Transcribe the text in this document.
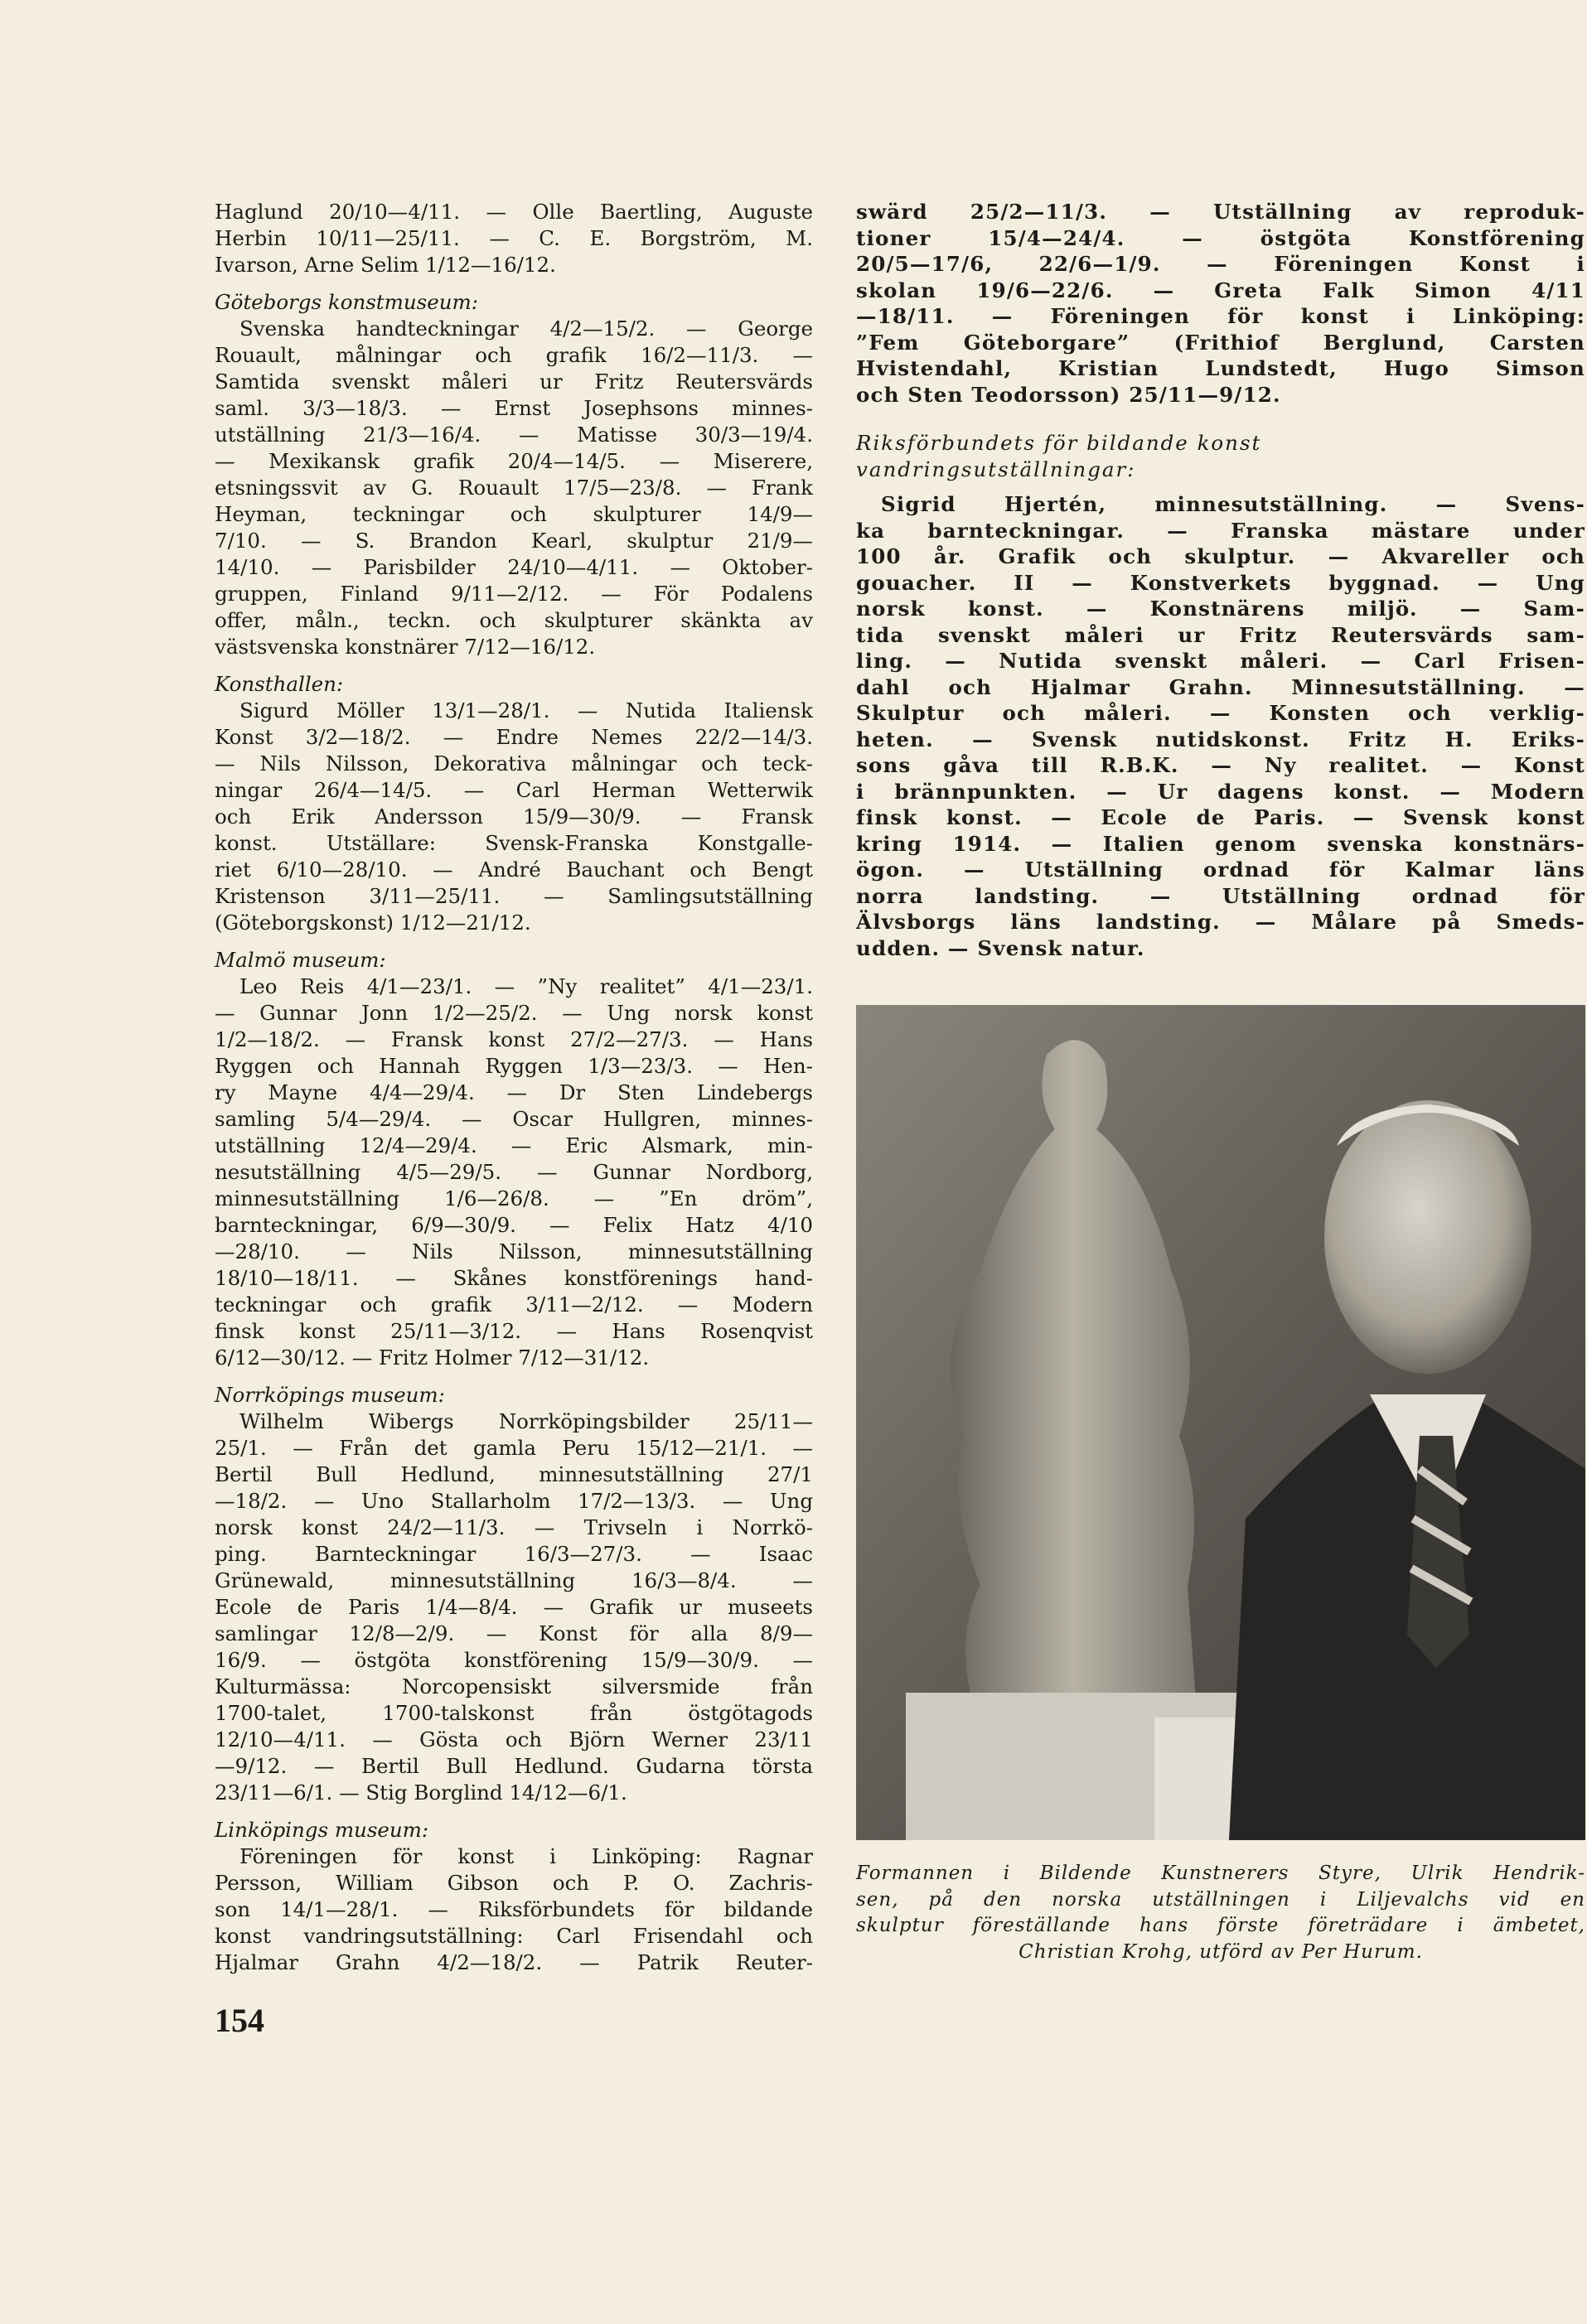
Haglund 20/10—4/11. — Olle Baertling, Auguste
Herbin 10/11—25/11. — C. E. Borgström, M.
Ivarson, Arne Selim 1/12—16/12.
Göteborgs konstmuseum:
Svenska handteckningar 4/2—15/2. — George
Rouault, målningar och grafik 16/2—11/3. —
Samtida svenskt måleri ur Fritz Reutersvärds
saml. 3/3—18/3. — Ernst Josephsons minnes-
utställning 21/3—16/4. — Matisse 30/3—19/4.
— Mexikansk grafik 20/4—14/5. — Miserere,
etsningssvit av G. Rouault 17/5—23/8. — Frank
Heyman, teckningar och skulpturer 14/9—
7/10. — S. Brandon Kearl, skulptur 21/9—
14/10. — Parisbilder 24/10—4/11. — Oktober-
gruppen, Finland 9/11—2/12. — För Podalens
offer, måln., teckn. och skulpturer skänkta av
västsvenska konstnärer 7/12—16/12.
Konsthallen:
Sigurd Möller 13/1—28/1. — Nutida Italiensk
Konst 3/2—18/2. — Endre Nemes 22/2—14/3.
— Nils Nilsson, Dekorativa målningar och teck-
ningar 26/4—14/5. — Carl Herman Wetterwik
och Erik Andersson 15/9—30/9. — Fransk
konst. Utställare: Svensk-Franska Konstgalle-
riet 6/10—28/10. — André Bauchant och Bengt
Kristenson 3/11—25/11. — Samlingsutställning
(Göteborgskonst) 1/12—21/12.
Malmö museum:
Leo Reis 4/1—23/1. — ”Ny realitet” 4/1—23/1.
— Gunnar Jonn 1/2—25/2. — Ung norsk konst
1/2—18/2. — Fransk konst 27/2—27/3. — Hans
Ryggen och Hannah Ryggen 1/3—23/3. — Hen-
ry Mayne 4/4—29/4. — Dr Sten Lindebergs
samling 5/4—29/4. — Oscar Hullgren, minnes-
utställning 12/4—29/4. — Eric Alsmark, min-
nesutställning 4/5—29/5. — Gunnar Nordborg,
minnesutställning 1/6—26/8. — ”En dröm”,
barnteckningar, 6/9—30/9. — Felix Hatz 4/10
—28/10. — Nils Nilsson, minnesutställning
18/10—18/11. — Skånes konstförenings hand-
teckningar och grafik 3/11—2/12. — Modern
finsk konst 25/11—3/12. — Hans Rosenqvist
6/12—30/12. — Fritz Holmer 7/12—31/12.
Norrköpings museum:
Wilhelm Wibergs Norrköpingsbilder 25/11—
25/1. — Från det gamla Peru 15/12—21/1. —
Bertil Bull Hedlund, minnesutställning 27/1
—18/2. — Uno Stallarholm 17/2—13/3. — Ung
norsk konst 24/2—11/3. — Trivseln i Norrkö-
ping. Barnteckningar 16/3—27/3. — Isaac
Grünewald, minnesutställning 16/3—8/4. —
Ecole de Paris 1/4—8/4. — Grafik ur museets
samlingar 12/8—2/9. — Konst för alla 8/9—
16/9. — östgöta konstförening 15/9—30/9. —
Kulturmässa: Norcopensiskt silversmide från
1700-talet, 1700-talskonst från östgötagods
12/10—4/11. — Gösta och Björn Werner 23/11
—9/12. — Bertil Bull Hedlund. Gudarna törsta
23/11—6/1. — Stig Borglind 14/12—6/1.
Linköpings museum:
Föreningen för konst i Linköping: Ragnar
Persson, William Gibson och P. O. Zachris-
son 14/1—28/1. — Riksförbundets för bildande
konst vandringsutställning: Carl Frisendahl och
Hjalmar Grahn 4/2—18/2. — Patrik Reuter-
swärd 25/2—11/3. — Utställning av reproduk-
tioner 15/4—24/4. — östgöta Konstförening
20/5—17/6, 22/6—1/9. — Föreningen Konst i
skolan 19/6—22/6. — Greta Falk Simon 4/11
—18/11. — Föreningen för konst i Linköping:
”Fem Göteborgare” (Frithiof Berglund, Carsten
Hvistendahl, Kristian Lundstedt, Hugo Simson
och Sten Teodorsson) 25/11—9/12.
Riksförbundets för bildande konst
vandringsutställningar:
Sigrid Hjertén, minnesutställning. — Svens-
ka barnteckningar. — Franska mästare under
100 år. Grafik och skulptur. — Akvareller och
gouacher. II — Konstverkets byggnad. — Ung
norsk konst. — Konstnärens miljö. — Sam-
tida svenskt måleri ur Fritz Reutersvärds sam-
ling. — Nutida svenskt måleri. — Carl Frisen-
dahl och Hjalmar Grahn. Minnesutställning. —
Skulptur och måleri. — Konsten och verklig-
heten. — Svensk nutidskonst. Fritz H. Eriks-
sons gåva till R.B.K. — Ny realitet. — Konst
i brännpunkten. — Ur dagens konst. — Modern
finsk konst. — Ecole de Paris. — Svensk konst
kring 1914. — Italien genom svenska konstnärs-
ögon. — Utställning ordnad för Kalmar läns
norra landsting. — Utställning ordnad för
Älvsborgs läns landsting. — Målare på Smeds-
udden. — Svensk natur.
Formannen i Bildende Kunstnerers Styre, Ulrik Hendrik-
sen, på den norska utställningen i Liljevalchs vid en
skulptur föreställande hans förste företrädare i ämbetet,
Christian Krohg, utförd av Per Hurum.
154
